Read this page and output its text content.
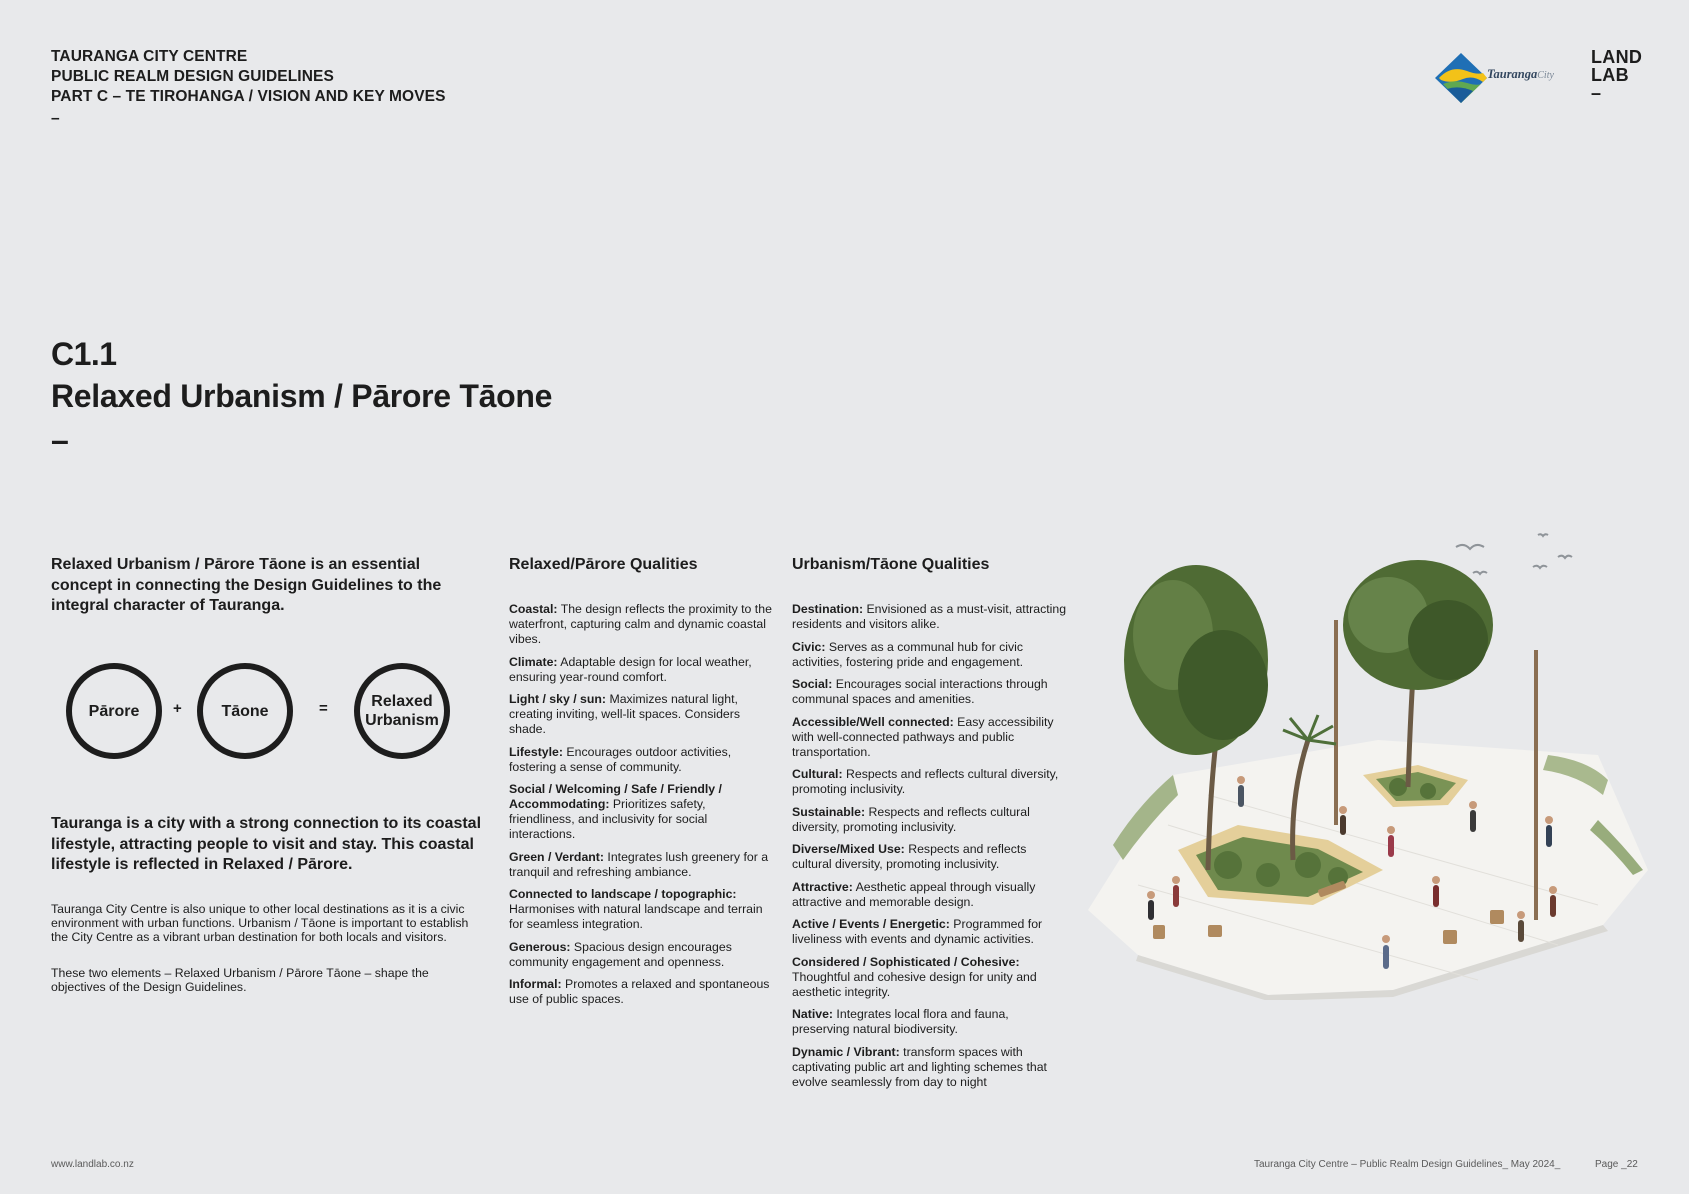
TAURANGA CITY CENTRE
PUBLIC REALM DESIGN GUIDELINES
PART C – TE TIROHANGA / VISION AND KEY MOVES
–
TaurangaCity
LAND
LAB
–
C1.1
Relaxed Urbanism / Pārore Tāone
–
Relaxed Urbanism / Pārore Tāone is an essential concept in connecting the Design Guidelines to the integral character of Tauranga.
Pārore	+	Tāone	=	Relaxed
Urbanism
Tauranga is a city with a strong connection to its coastal lifestyle, attracting people to visit and stay. This coastal lifestyle is reflected in Relaxed / Pārore.
Tauranga City Centre is also unique to other local destinations as it is a civic environment with urban functions. Urbanism / Tāone is important to establish the City Centre as a vibrant urban destination for both locals and visitors.
These two elements – Relaxed Urbanism / Pārore Tāone – shape the objectives of the Design Guidelines.
Relaxed/Pārore Qualities
Coastal: The design reflects the proximity to the waterfront, capturing calm and dynamic coastal vibes.
Climate: Adaptable design for local weather, ensuring year-round comfort.
Light / sky / sun: Maximizes natural light, creating inviting, well-lit spaces. Considers shade.
Lifestyle: Encourages outdoor activities, fostering a sense of community.
Social / Welcoming / Safe / Friendly / Accommodating: Prioritizes safety, friendliness, and inclusivity for social interactions.
Green / Verdant: Integrates lush greenery for a tranquil and refreshing ambiance.
Connected to landscape / topographic: Harmonises with natural landscape and terrain for seamless integration.
Generous: Spacious design encourages community engagement and openness.
Informal: Promotes a relaxed and spontaneous use of public spaces.
Urbanism/Tāone Qualities
Destination: Envisioned as a must-visit, attracting residents and visitors alike.
Civic: Serves as a communal hub for civic activities, fostering pride and engagement.
Social: Encourages social interactions through communal spaces and amenities.
Accessible/Well connected: Easy accessibility with well-connected pathways and public transportation.
Cultural: Respects and reflects cultural diversity, promoting inclusivity.
Sustainable: Respects and reflects cultural diversity, promoting inclusivity.
Diverse/Mixed Use: Respects and reflects cultural diversity, promoting inclusivity.
Attractive: Aesthetic appeal through visually attractive and memorable design.
Active / Events / Energetic: Programmed for liveliness with events and dynamic activities.
Considered / Sophisticated / Cohesive: Thoughtful and cohesive design for unity and aesthetic integrity.
Native: Integrates local flora and fauna, preserving natural biodiversity.
Dynamic / Vibrant: transform spaces with captivating public art and lighting schemes that evolve seamlessly from day to night
www.landlab.co.nz	Tauranga City Centre – Public Realm Design Guidelines_ May 2024_	Page _22
